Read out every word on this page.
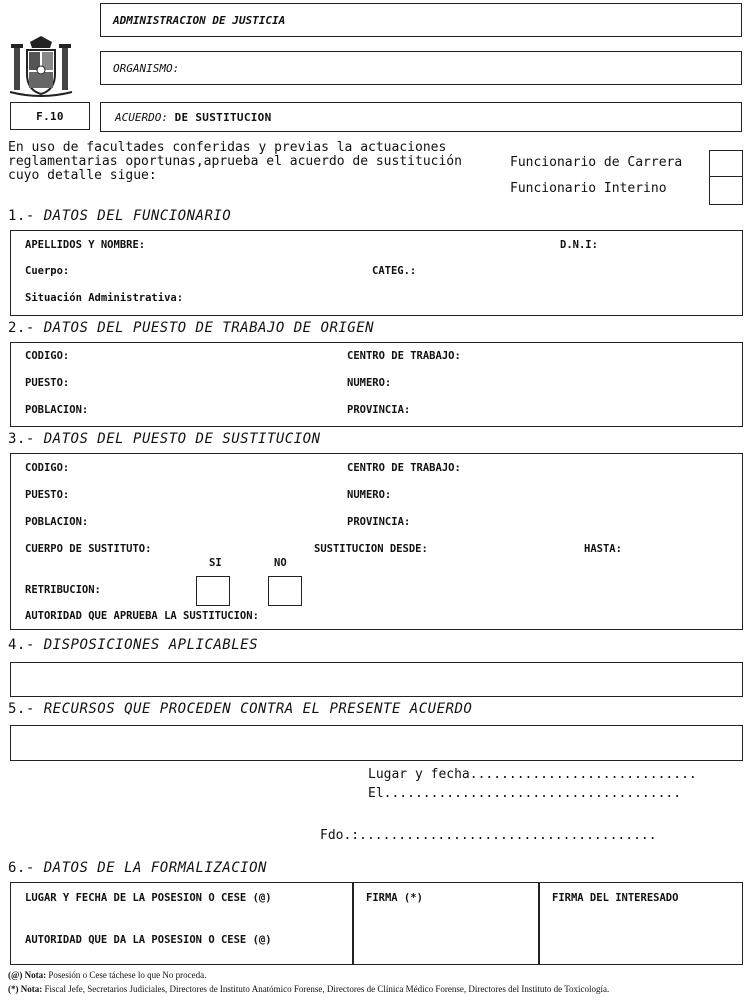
ADMINISTRACION DE JUSTICIA
ORGANISMO:
F.10	ACUERDO: DE SUSTITUCION
En uso de facultades conferidas y previas la actuaciones
reglamentarias oportunas,aprueba el acuerdo de sustitución
cuyo detalle sigue:
Funcionario de Carrera
Funcionario Interino
1.- DATOS DEL FUNCIONARIO
APELLIDOS Y NOMBRE:	D.N.I:
Cuerpo:	CATEG.:
Situación Administrativa:
2.- DATOS DEL PUESTO DE TRABAJO DE ORIGEN
CODIGO:	CENTRO DE TRABAJO:
PUESTO:	NUMERO:
POBLACION:	PROVINCIA:
3.- DATOS DEL PUESTO DE SUSTITUCION
CODIGO:	CENTRO DE TRABAJO:
PUESTO:	NUMERO:
POBLACION:	PROVINCIA:
CUERPO DE SUSTITUTO:	SUSTITUCION DESDE:	HASTA:
SI	NO
RETRIBUCION:
AUTORIDAD QUE APRUEBA LA SUSTITUCION:
4.- DISPOSICIONES APLICABLES
5.- RECURSOS QUE PROCEDEN CONTRA EL PRESENTE ACUERDO
Lugar y fecha.............................
El......................................
Fdo.:......................................
6.- DATOS DE LA FORMALIZACION
LUGAR Y FECHA DE LA POSESION O CESE (@)
AUTORIDAD QUE DA LA POSESION O CESE (@)
FIRMA (*)	FIRMA DEL INTERESADO
(@) Nota: Posesión o Cese táchese lo que No proceda.
(*) Nota: Fiscal Jefe, Secretarios Judiciales, Directores de Instituto Anatómico Forense, Directores de Clínica Médico Forense, Directores del Instituto de Toxicología.
